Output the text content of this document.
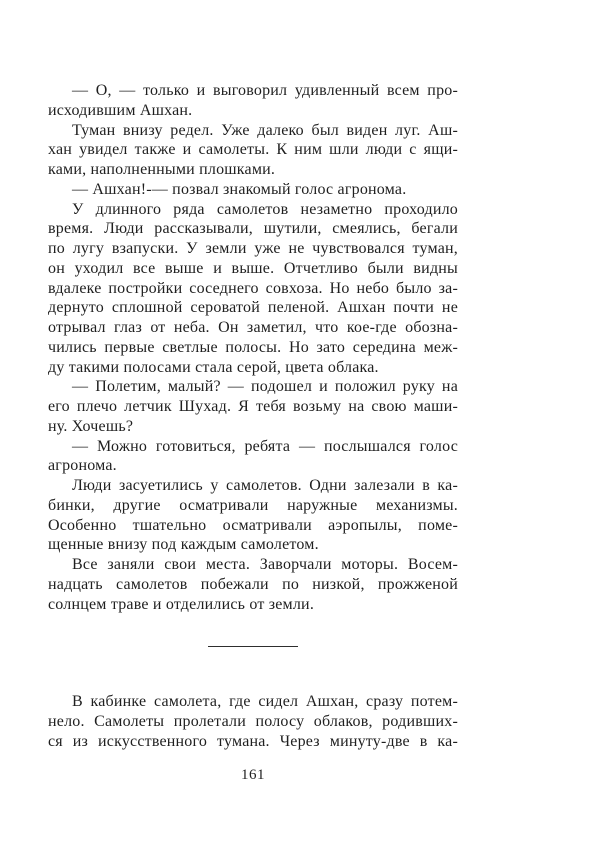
— О, — только и выговорил удивленный всем про-
исходившим Ашхан.
Туман внизу редел. Уже далеко был виден луг. Аш-
хан увидел также и самолеты. К ним шли люди с ящи-
ками, наполненными плошками.
— Ашхан!-— позвал знакомый голос агронома.
У длинного ряда самолетов незаметно проходило
время. Люди рассказывали, шутили, смеялись, бегали
по лугу взапуски. У земли уже не чувствовался туман,
он уходил все выше и выше. Отчетливо были видны
вдалеке постройки соседнего совхоза. Но небо было за-
дернуто сплошной сероватой пеленой. Ашхан почти не
отрывал глаз от неба. Он заметил, что кое-где обозна-
чились первые светлые полосы. Но зато середина меж-
ду такими полосами стала серой, цвета облака.
— Полетим, малый? — подошел и положил руку на
его плечо летчик Шухад. Я тебя возьму на свою маши-
ну. Хочешь?
— Можно готовиться, ребята — послышался голос
агронома.
Люди засуетились у самолетов. Одни залезали в ка-
бинки, другие осматривали наружные механизмы.
Особенно тшательно осматривали аэропылы, поме-
щенные внизу под каждым самолетом.
Все заняли свои места. Заворчали моторы. Восем-
надцать самолетов побежали по низкой, прожженой
солнцем траве и отделились от земли.
В кабинке самолета, где сидел Ашхан, сразу потем-
нело. Самолеты пролетали полосу облаков, родивших-
ся из искусственного тумана. Через минуту-две в ка-
161
